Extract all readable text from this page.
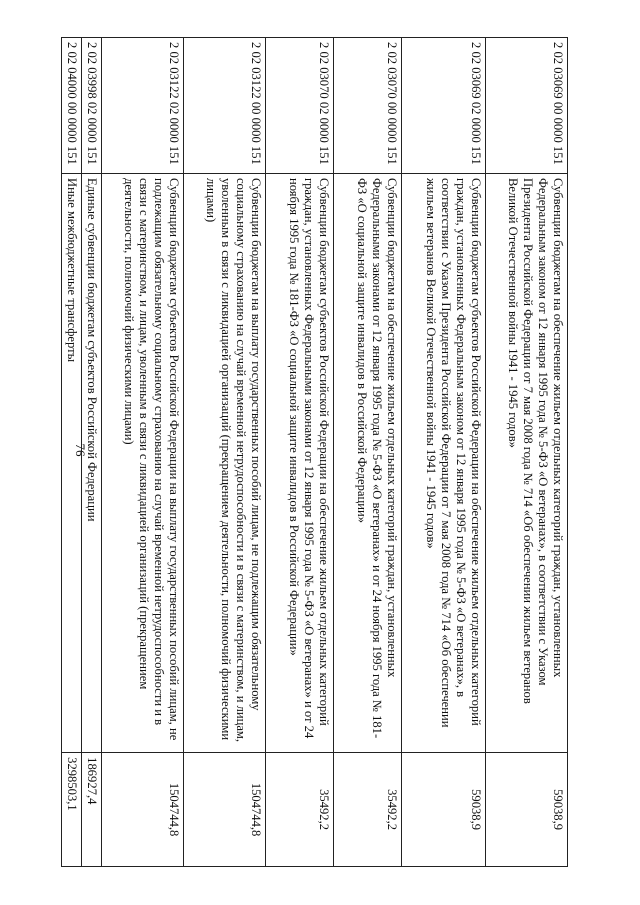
76
2 02 03069 00 0000 151	Субвенции бюджетам на обеспечение жильем отдельных категорий граждан, установленных Федеральным законом от 12 января 1995 года № 5-ФЗ «О ветеранах», в соответствии с Указом Президента Российской Федерации от 7 мая 2008 года № 714 «Об обеспечении жильем ветеранов Великой Отечественной войны 1941 - 1945 годов»	59038,9
2 02 03069 02 0000 151	Субвенции бюджетам субъектов Российской Федерации на обеспечение жильем отдельных категорий граждан, установленных Федеральным законом от 12 января 1995 года № 5-ФЗ «О ветеранах», в соответствии с Указом Президента Российской Федерации от 7 мая 2008 года № 714 «Об обеспечении жильем ветеранов Великой Отечественной войны 1941 - 1945 годов»	59038,9
2 02 03070 00 0000 151	Субвенции бюджетам на обеспечение жильем отдельных категорий граждан, установленных Федеральными законами от 12 января 1995 года № 5-ФЗ «О ветеранах» и от 24 ноября 1995 года № 181-ФЗ «О социальной защите инвалидов в Российской Федерации»	35492,2
2 02 03070 02 0000 151	Субвенции бюджетам субъектов Российской Федерации на обеспечение жильем отдельных категорий граждан, установленных Федеральными законами от 12 января 1995 года № 5-ФЗ «О ветеранах» и от 24 ноября 1995 года № 181-ФЗ «О социальной защите инвалидов в Российской Федерации»	35492,2
2 02 03122 00 0000 151	Субвенции бюджетам на выплату государственных пособий лицам, не подлежащим обязательному социальному страхованию на случай временной нетрудоспособности и в связи с материнством, и лицам, уволенным в связи с ликвидацией организаций (прекращением деятельности, полномочий физическими лицами)	1504744,8
2 02 03122 02 0000 151	Субвенции бюджетам субъектов Российской Федерации на выплату государственных пособий лицам, не подлежащим обязательному социальному страхованию на случай временной нетрудоспособности и в связи с материнством, и лицам, уволенным в связи с ликвидацией организаций (прекращением деятельности, полномочий физическими лицами)	1504744,8
2 02 03998 02 0000 151	Единые субвенции бюджетам субъектов Российской Федерации	186927,4
2 02 04000 00 0000 151	Иные межбюджетные трансферты	3298503,1
